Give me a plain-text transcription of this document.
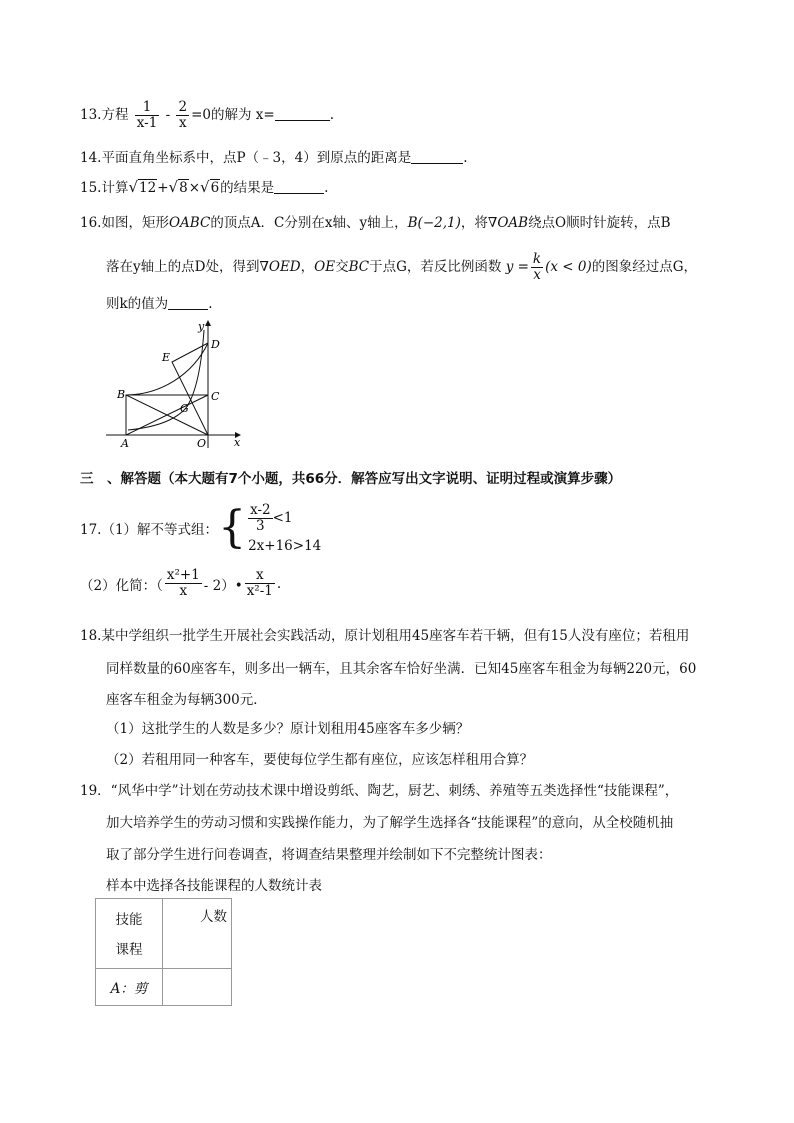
13.方程 $\frac{1}{x-1} - \frac{2}{x} =0$的解为 x=	.
14.平面直角坐标系中，点P（﹣3，4）到原点的距离是	.
15.计算√12+√8×√6的结果是	.
16.如图，矩形OABC的顶点A．C分别在x轴、y轴上，B(−2,1)，将∇OAB绕点O顺时针旋转，点B
落在y轴上的点D处，得到∇OED，OE交BC于点G，若反比例函数 $y = \frac{k}{x} (x < 0)$的图象经过点G，
则k的值为	.
y
x
D
E
B	C
G
A	O
三　、解答题（本大题有7个小题，共66分．解答应写出文字说明、证明过程或演算步骤）
17.（1）解不等式组： { $\frac{x-2}{3} <1$
2x+16>14
（2）化简：（ $\frac{\text{x²+1}}{x}$ - 2）• $\frac{x}{\text{x²-1}}$ .
18.某中学组织一批学生开展社会实践活动，原计划租用45座客车若干辆，但有15人没有座位；若租用
同样数量的60座客车，则多出一辆车，且其余客车恰好坐满．已知45座客车租金为每辆220元，60
座客车租金为每辆300元．
（1）这批学生的人数是多少？原计划租用45座客车多少辆？
（2）若租用同一种客车，要使每位学生都有座位，应该怎样租用合算？
19．“风华中学”计划在劳动技术课中增设剪纸、陶艺，厨艺、刺绣、养殖等五类选择性“技能课程”，
加大培养学生的劳动习惯和实践操作能力，为了解学生选择各“技能课程”的意向，从全校随机抽
取了部分学生进行问卷调查，将调查结果整理并绘制如下不完整统计图表：
样本中选择各技能课程的人数统计表
技能
课程	人数
A：剪	
